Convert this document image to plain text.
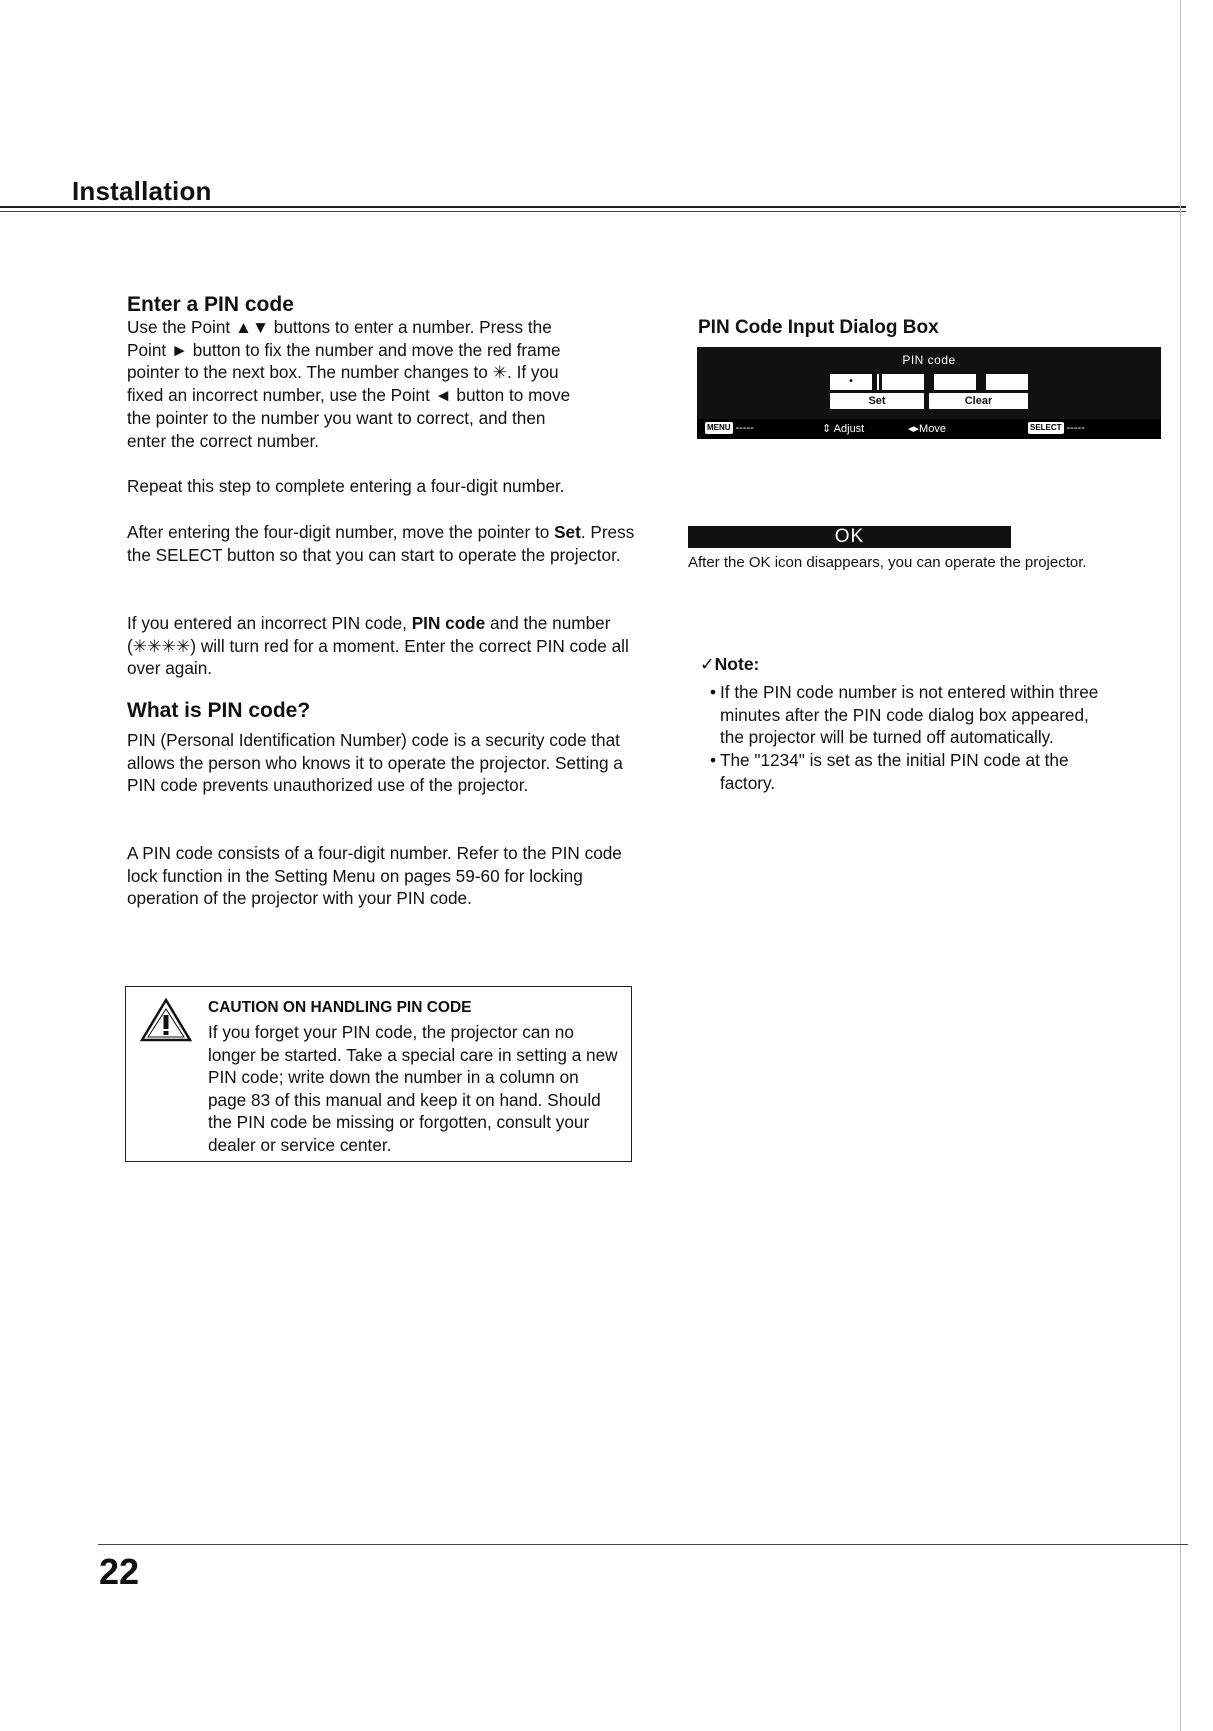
Installation
Enter a PIN code
Use the Point ▲▼ buttons to enter a number. Press the
Point ► button to fix the number and move the red frame
pointer to the next box. The number changes to ✳. If you
fixed an incorrect number, use the Point ◄ button to move
the pointer to the number you want to correct, and then
enter the correct number.

Repeat this step to complete entering a four-digit number.

After entering the four-digit number, move the pointer to Set. Press the SELECT button so that you can start to operate the projector.

If you entered an incorrect PIN code, PIN code and the number (✳✳✳✳) will turn red for a moment. Enter the correct PIN code all over again.

What is PIN code?

PIN (Personal Identification Number) code is a security code that allows the person who knows it to operate the projector. Setting a PIN code prevents unauthorized use of the projector.

A PIN code consists of a four-digit number. Refer to the PIN code lock function in the Setting Menu on pages 59-60 for locking operation of the projector with your PIN code.

CAUTION ON HANDLING PIN CODE

If you forget your PIN code, the projector can no longer be started. Take a special care in setting a new PIN code; write down the number in a column on page 83 of this manual and keep it on hand. Should the PIN code be missing or forgotten, consult your dealer or service center.

PIN Code Input Dialog Box
PIN code
•
Set	Clear
MENU -----	⇕ Adjust	◂▸Move	SELECT -----
OK
After the OK icon disappears, you can operate the projector.
✓Note:
• If the PIN code number is not entered within three minutes after the PIN code dialog box appeared, the projector will be turned off automatically.
• The "1234" is set as the initial PIN code at the factory.
22
